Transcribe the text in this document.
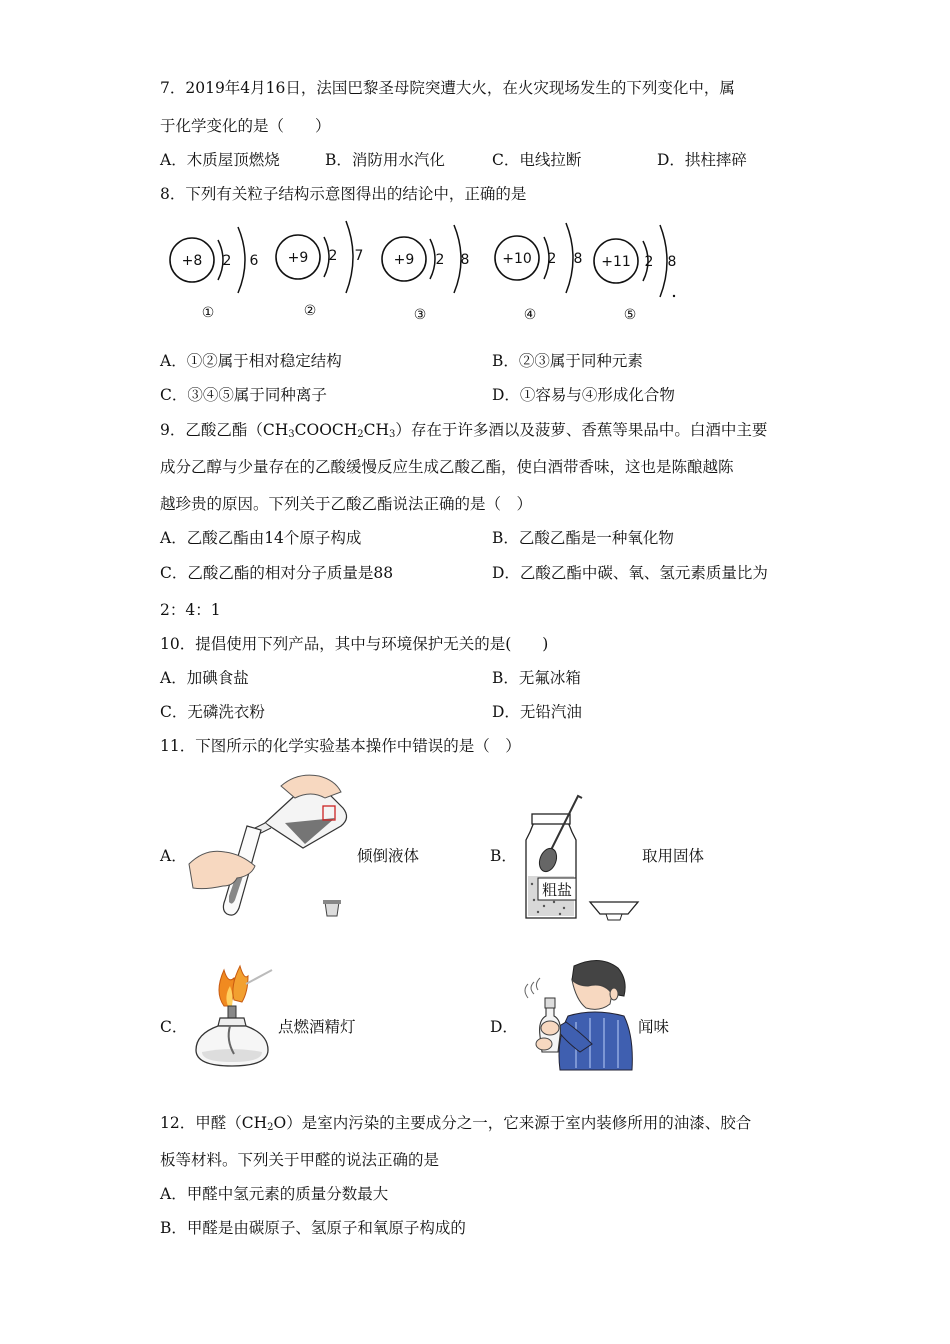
7．2019年4月16日，法国巴黎圣母院突遭大火，在火灾现场发生的下列变化中，属
于化学变化的是（　　）
A．木质屋顶燃烧	B．消防用水汽化	C．电线拉断	D．拱柱摔碎
8．下列有关粒子结构示意图得出的结论中，正确的是
+8 2 6
①
+9 2 7
②
+9 2 8
③
+10 2 8
④
+11 2 8
⑤
A．①②属于相对稳定结构	B．②③属于同种元素
C．③④⑤属于同种离子	D．①容易与④形成化合物
9．乙酸乙酯$(CH_3COOCH_2CH_3)$存在于许多酒以及菠萝、香蕉等果品中。白酒中主要
成分乙醇与少量存在的乙酸缓慢反应生成乙酸乙酯，使白酒带香味，这也是陈酿越陈
越珍贵的原因。下列关于乙酸乙酯说法正确的是（　）
A．乙酸乙酯由14个原子构成	B．乙酸乙酯是一种氧化物
C．乙酸乙酯的相对分子质量是88	D．乙酸乙酯中碳、氧、氢元素质量比为
2：4：1
10．提倡使用下列产品，其中与环境保护无关的是(　　)
A．加碘食盐	B．无氟冰箱
C．无磷洗衣粉	D．无铅汽油
11．下图所示的化学实验基本操作中错误的是（　）
A．	倾倒液体	B．	取用固体
C．	点燃酒精灯	D．	闻味
粗盐
12．甲醛$(CH_2O)$是室内污染的主要成分之一，它来源于室内装修所用的油漆、胶合
板等材料。下列关于甲醛的说法正确的是
A．甲醛中氢元素的质量分数最大
B．甲醛是由碳原子、氢原子和氧原子构成的
